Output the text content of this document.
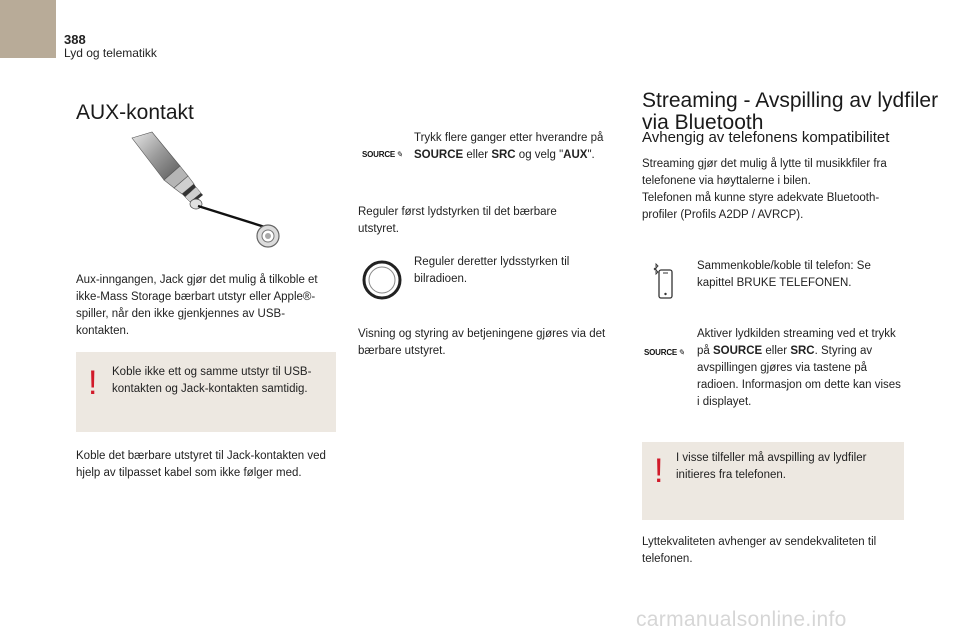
388
Lyd og telematikk
AUX-kontakt
Aux-inngangen, Jack gjør det mulig å tilkoble et ikke-Mass Storage bærbart utstyr eller Apple®-spiller, når den ikke gjenkjennes av USB-kontakten.
! Koble ikke ett og samme utstyr til USB-kontakten og Jack-kontakten samtidig.
Koble det bærbare utstyret til Jack-kontakten ved hjelp av tilpasset kabel som ikke følger med.
SOURCE✎
Trykk flere ganger etter hverandre på SOURCE eller SRC og velg "AUX".
Reguler først lydstyrken til det bærbare utstyret.
Reguler deretter lydsstyrken til bilradioen.
Visning og styring av betjeningene gjøres via det bærbare utstyret.
Streaming - Avspilling av lydfiler via Bluetooth
Avhengig av telefonens kompatibilitet
Streaming gjør det mulig å lytte til musikkfiler fra telefonene via høyttalerne i bilen.
Telefonen må kunne styre adekvate Bluetooth-profiler (Profils A2DP / AVRCP).
Sammenkoble/koble til telefon: Se kapittel BRUKE TELEFONEN.
SOURCE✎
Aktiver lydkilden streaming ved et trykk på SOURCE eller SRC. Styring av avspillingen gjøres via tastene på radioen. Informasjon om dette kan vises i displayet.
! I visse tilfeller må avspilling av lydfiler initieres fra telefonen.
Lyttekvaliteten avhenger av sendekvaliteten til telefonen.
carmanualsonline.info
